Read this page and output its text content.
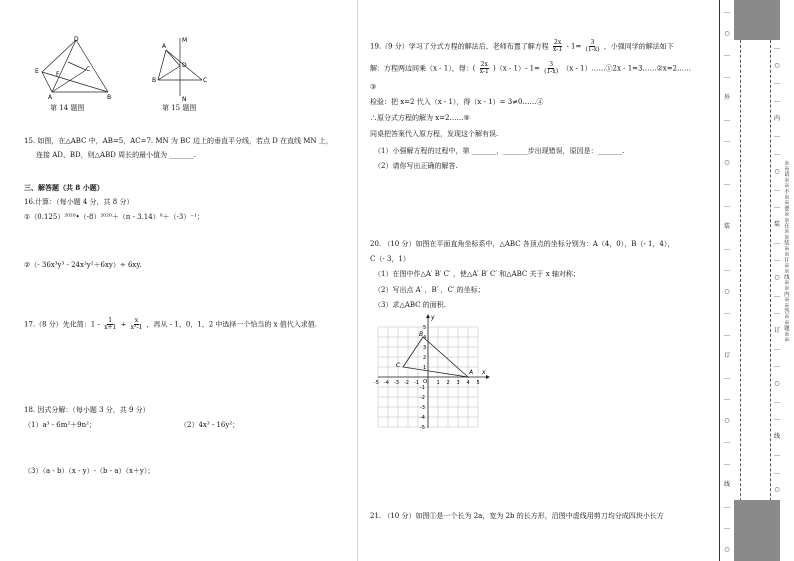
D
E	F
C
A	B
第 14 题图
M
A
D
B	C
N
第 15 题图
15. 如图，在△ABC 中，AB=5，AC=7. MN 为 BC 边上的垂直平分线，若点 D 在直线 MN 上，
连接 AD、BD，则△ABD 周长的最小值为 _______.
三、解答题（共 8 小题）
16.计算：（每小题 4 分，共 8 分）
①（0.125）²⁰²⁰•（-8）²⁰²⁰＋（π - 3.14）⁰＋（-3）⁻¹；
②（- 36x³y³ - 24x²y²＋6xy）÷ 6xy.
17.（8 分）先化简：$1 - \frac{1}{x+1} \div \frac{x}{\text{x²-1}}$ ，再从 - 1，0，1，2 中选择一个恰当的 x 值代入求值.
18. 因式分解：（每小题 3 分，共 9 分）
（1）a³ - 6m²＋9n²；	（2）4x³ - 16y²；
（3）（a - b）（x - y）-（b - a）（x＋y）；
19.（9 分）学习了分式方程的解法后，老师布置了解方程 $\frac{2x}{x-1} - 1= \frac{3}{(1-x)}$ ，小强同学的解法如下
解：方程两边同乘（x - 1），得：( $\frac{2x}{x-1} )(x - 1)-$ $1= \frac{3}{(1-x)} (x$ - 1）……①2x - 1=3……②x=2……
③
检验：把 x=2 代入（x - 1），得（x - 1）= 3≠0……④
∴原分式方程的解为 x=2……⑤
同桌把答案代入原方程，发现这个解有误.
（1）小强解方程的过程中，第 _______，_______步出现错误，原因是：_______.
（2）请你写出正确的解答.
20. （10 分）如图在平面直角坐标系中，△ABC 各顶点的坐标分别为：A（4，0），B（- 1，4），
C（- 3，1）
（1）在图中作△A′ B′ C′ ，使△A′ B′ C′ 和△ABC 关于 x 轴对称；
（2）写出点 A′ ，B′ ，C′ 的坐标；
（3）求△ABC 的面积.
x
y
O
-5 -4 -3 -2 -1	1 2 3 4 5
5
4
3
2
1
-1
-2
-3
-4
-5
A
B
C
21. （10 分）如图①是一个长为 2a，宽为 2b 的长方形，沿图中虚线用剪刀均分成四块小长方
…
○
…
…
外
…
…
○
…
…
装
…
…
○
…
…
订
…
…
○
…
…
线
…
…
○
…
○
…
…
内
…
…
○
…
…
装
…
…
○
…
…
订
…
…
○
…
…
线
…
…
○
※※请※※不※※要※※在※※装※※订※※线※※内※※答※※题※※
